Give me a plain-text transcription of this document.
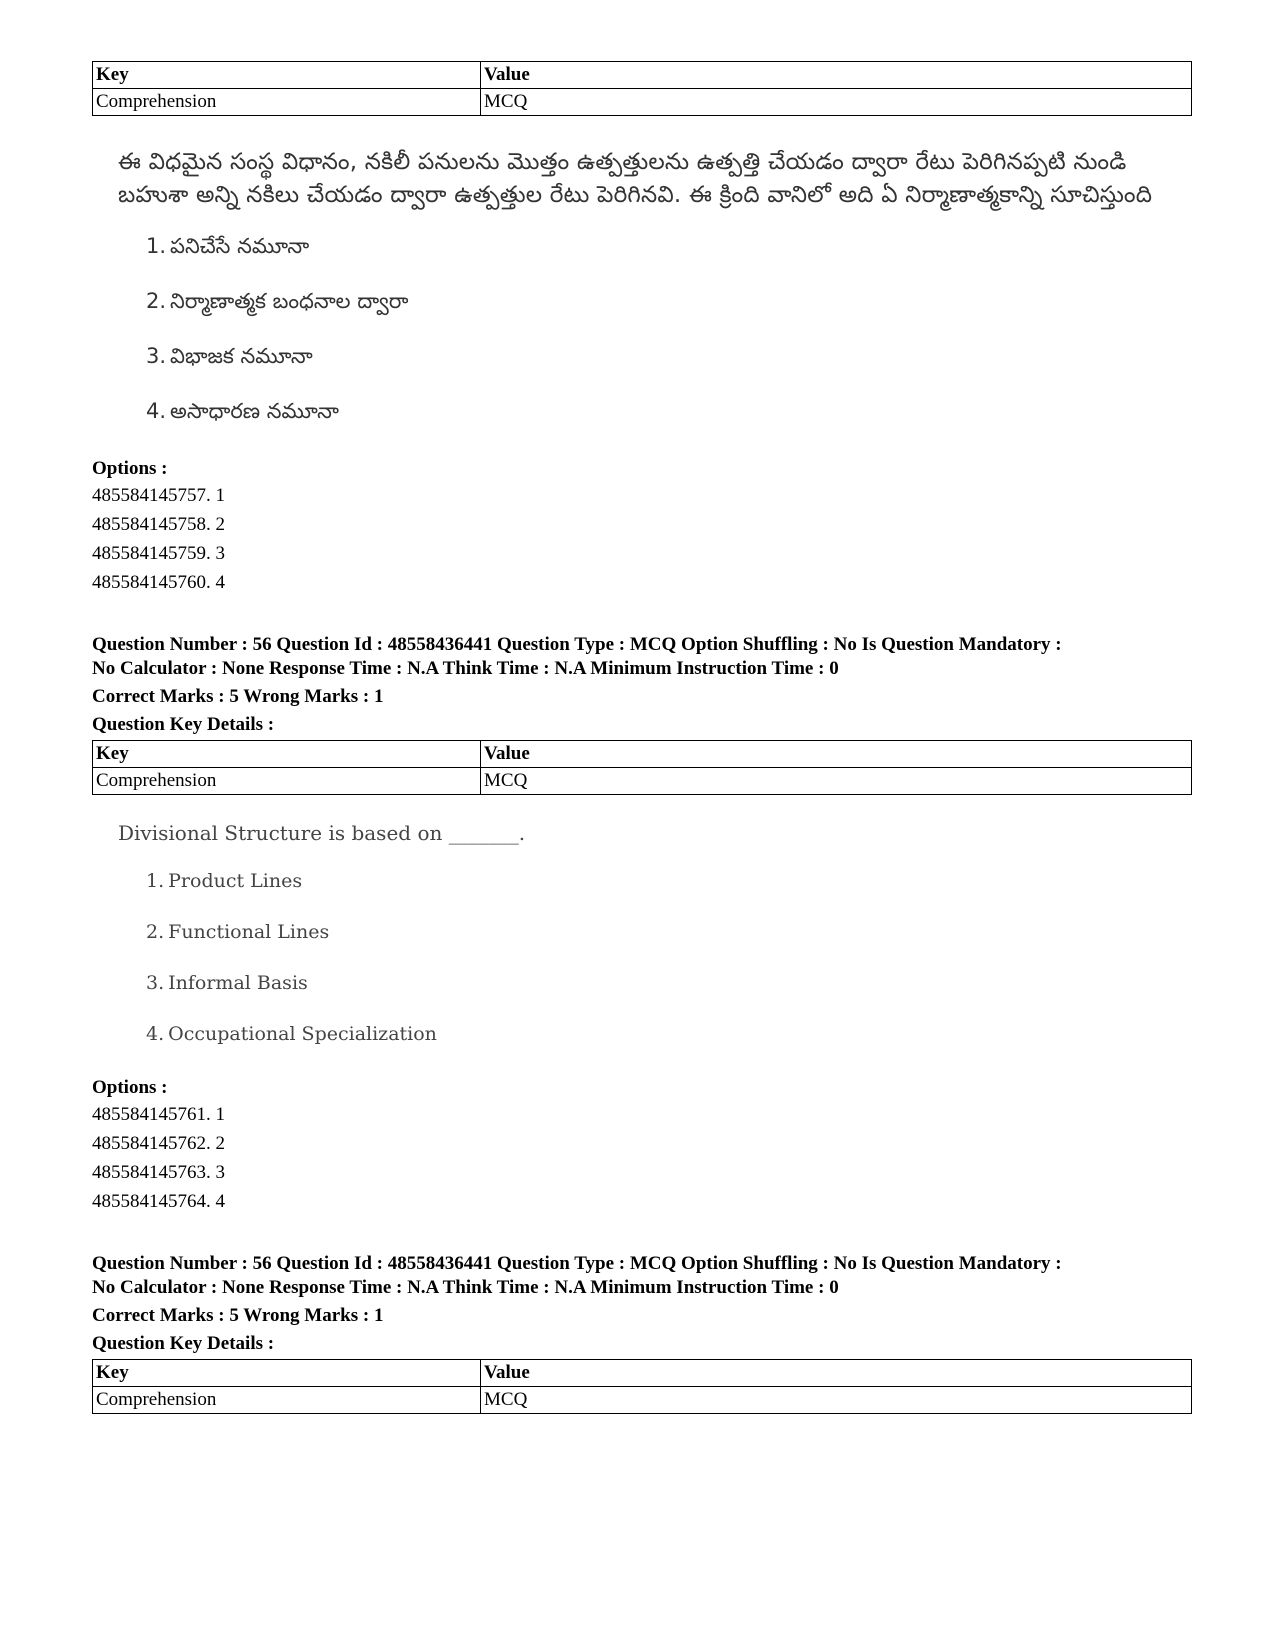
Key	Value
Comprehension	MCQ
ఈ విధమైన సంస్థ విధానం, నకిలీ పనులను మొత్తం ఉత్పత్తులను ఉత్పత్తి చేయడం ద్వారా రేటు పెరిగినప్పటి నుండి బహుశా అన్ని నకిలు చేయడం ద్వారా ఉత్పత్తుల రేటు పెరిగినవి. ఈ క్రింది వానిలో అది ఏ నిర్మాణాత్మకాన్ని సూచిస్తుంది
1. పనిచేసే నమూనా
2. నిర్మాణాత్మక బంధనాల ద్వారా
3. విభాజక నమూనా
4. అసాధారణ నమూనా
Options :
485584145757. 1
485584145758. 2
485584145759. 3
485584145760. 4
Question Number : 56 Question Id : 48558436441 Question Type : MCQ Option Shuffling : No Is Question Mandatory :
No Calculator : None Response Time : N.A Think Time : N.A Minimum Instruction Time : 0
Correct Marks : 5 Wrong Marks : 1
Question Key Details :
Key	Value
Comprehension	MCQ
Divisional Structure is based on _______.
1. Product Lines
2. Functional Lines
3. Informal Basis
4. Occupational Specialization
Options :
485584145761. 1
485584145762. 2
485584145763. 3
485584145764. 4
Question Number : 56 Question Id : 48558436441 Question Type : MCQ Option Shuffling : No Is Question Mandatory :
No Calculator : None Response Time : N.A Think Time : N.A Minimum Instruction Time : 0
Correct Marks : 5 Wrong Marks : 1
Question Key Details :
Key	Value
Comprehension	MCQ
